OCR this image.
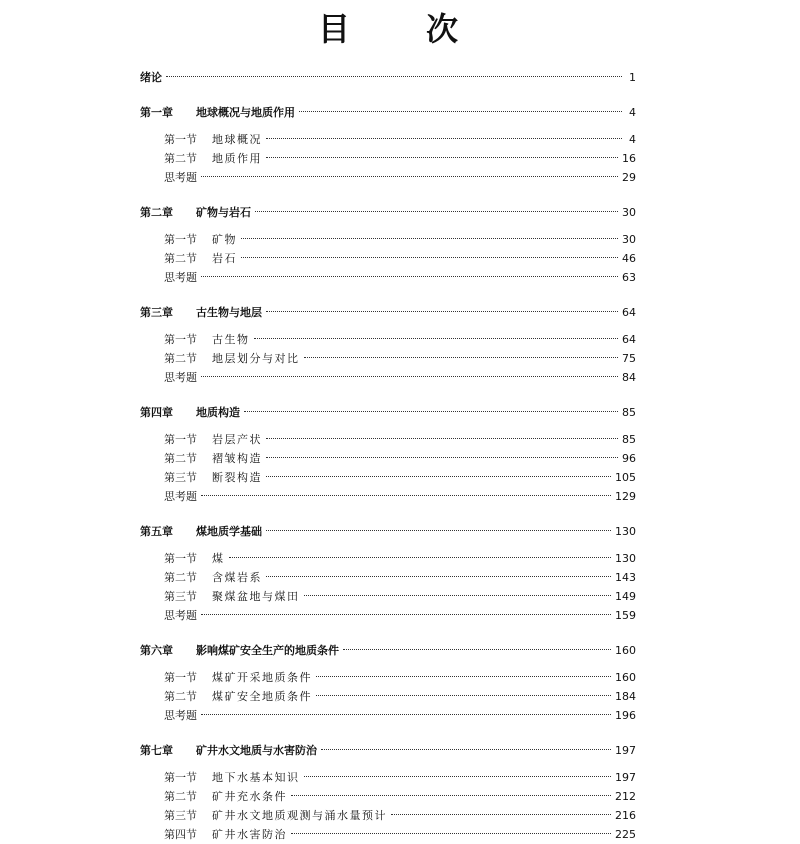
目 次
绪论	1
第一章	地球概况与地质作用	4
第一节	地球概况	4
第二节	地质作用	16
思考题	29
第二章	矿物与岩石	30
第一节	矿物	30
第二节	岩石	46
思考题	63
第三章	古生物与地层	64
第一节	古生物	64
第二节	地层划分与对比	75
思考题	84
第四章	地质构造	85
第一节	岩层产状	85
第二节	褶皱构造	96
第三节	断裂构造	105
思考题	129
第五章	煤地质学基础	130
第一节	煤	130
第二节	含煤岩系	143
第三节	聚煤盆地与煤田	149
思考题	159
第六章	影响煤矿安全生产的地质条件	160
第一节	煤矿开采地质条件	160
第二节	煤矿安全地质条件	184
思考题	196
第七章	矿井水文地质与水害防治	197
第一节	地下水基本知识	197
第二节	矿井充水条件	212
第三节	矿井水文地质观测与涌水量预计	216
第四节	矿井水害防治	225
